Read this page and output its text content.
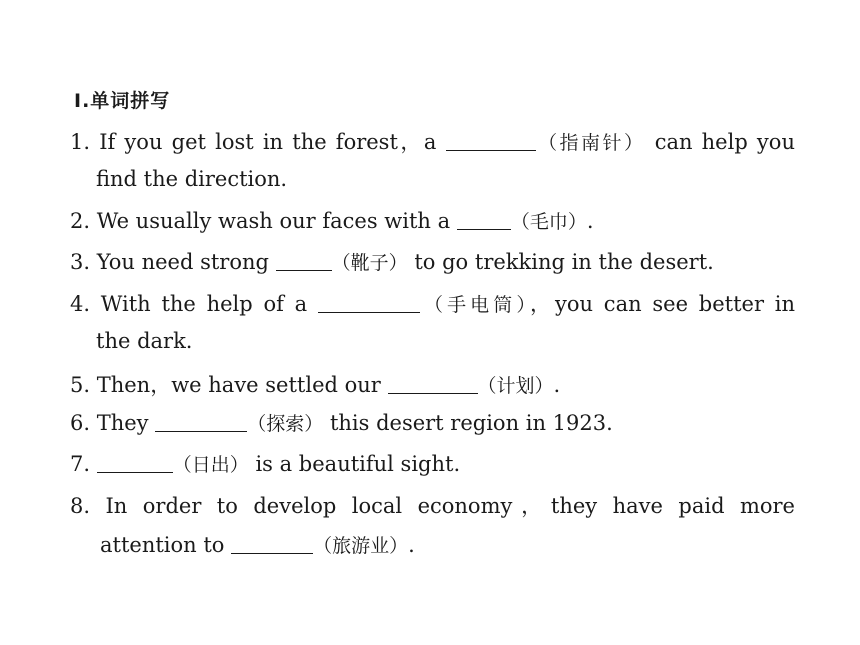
Ⅰ.单词拼写
1. If you get lost in the forest，a	（指南针） can help you
find the direction.
2. We usually wash our faces with a	（毛巾）.
3. You need strong	（靴子） to go trekking in the desert.
4. With the help of a	（手电筒），you can see better in
the dark.
5. Then，we have settled our	（计划）.
6. They	（探索） this desert region in 1923.
7.	（日出） is a beautiful sight.
8. In order to develop local economy，they have paid more
attention to	（旅游业）.
